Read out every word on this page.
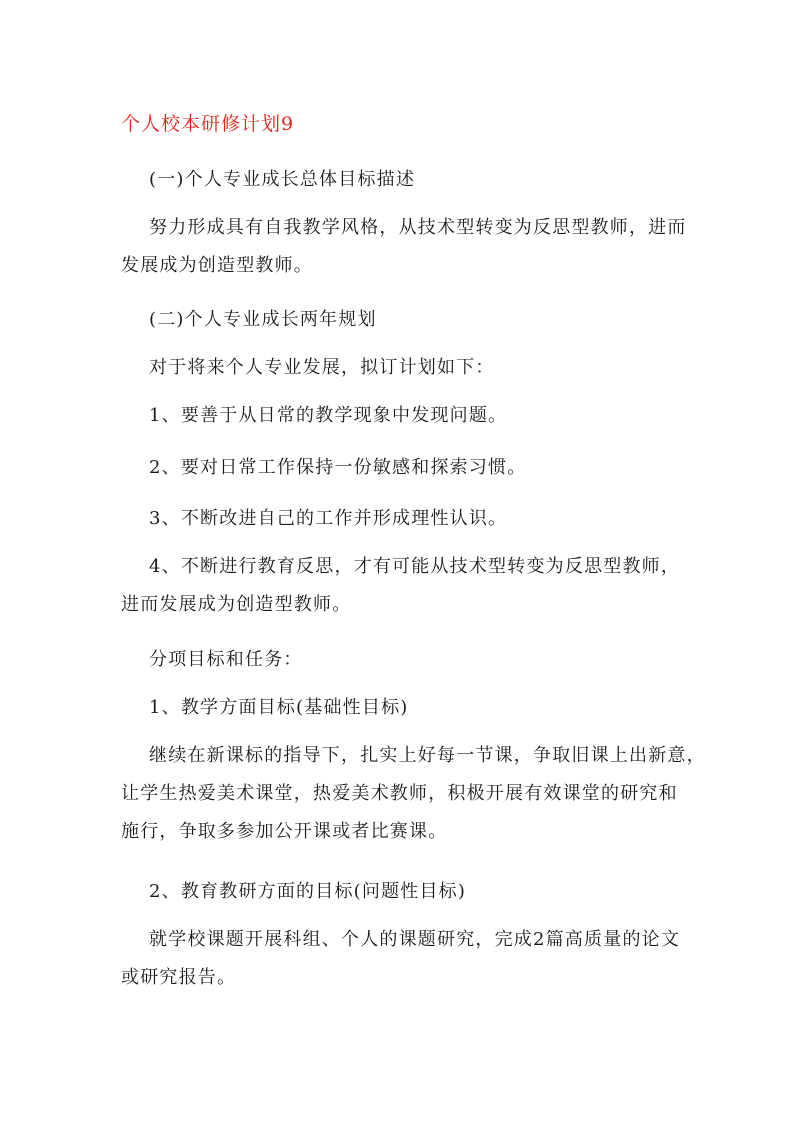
个人校本研修计划9
(一)个人专业成长总体目标描述
努力形成具有自我教学风格，从技术型转变为反思型教师，进而
发展成为创造型教师。
(二)个人专业成长两年规划
对于将来个人专业发展，拟订计划如下：
1、要善于从日常的教学现象中发现问题。
2、要对日常工作保持一份敏感和探索习惯。
3、不断改进自己的工作并形成理性认识。
4、不断进行教育反思，才有可能从技术型转变为反思型教师，
进而发展成为创造型教师。
分项目标和任务：
1、教学方面目标(基础性目标)
继续在新课标的指导下，扎实上好每一节课，争取旧课上出新意，
让学生热爱美术课堂，热爱美术教师，积极开展有效课堂的研究和
施行，争取多参加公开课或者比赛课。
2、教育教研方面的目标(问题性目标)
就学校课题开展科组、个人的课题研究，完成2篇高质量的论文
或研究报告。
